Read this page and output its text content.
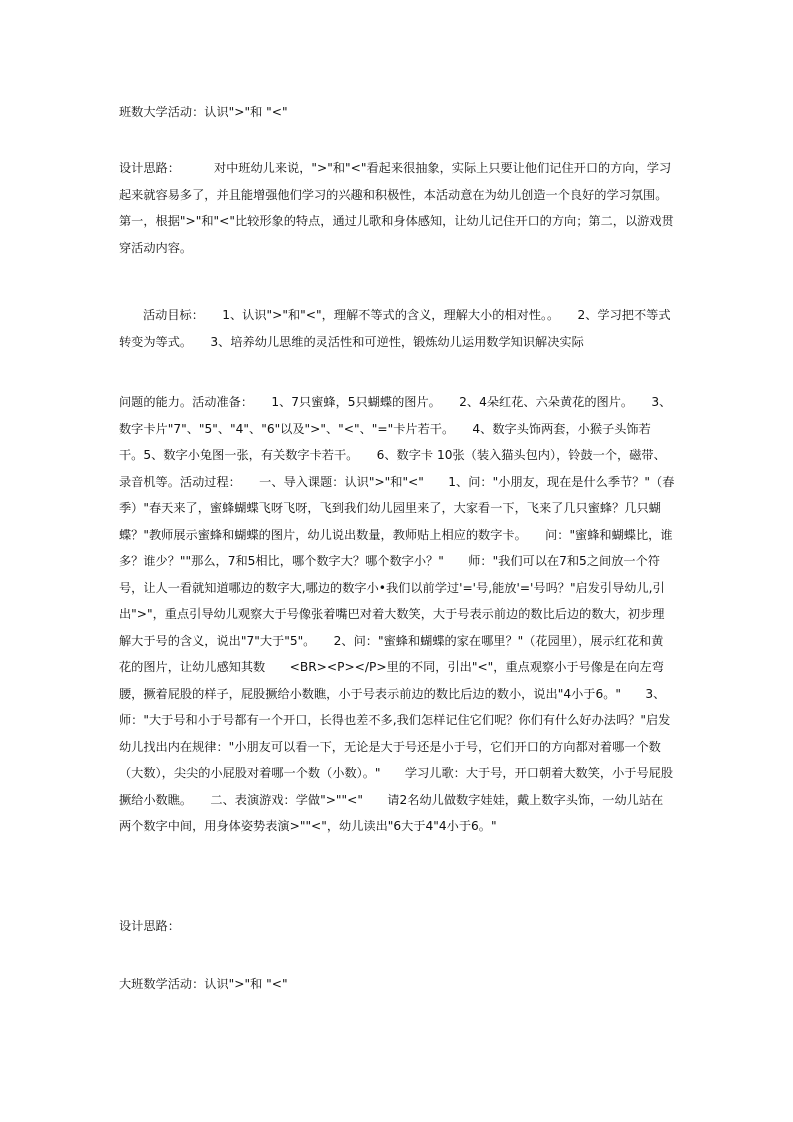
班数大学活动：认识">"和 "<"

设计思路：	对中班幼儿来说，">"和"<"看起来很抽象，实际上只要让他们记住开口的方向，学习起来就容易多了，并且能增强他们学习的兴趣和积极性，本活动意在为幼儿创造一个良好的学习氛围。第一，根据">"和"<"比较形象的特点，通过儿歌和身体感知，让幼儿记住开口的方向；第二，以游戏贯穿活动内容。

活动目标：　　1、认识">"和"<"，理解不等式的含义，理解大小的相对性。。　　2、学习把不等式转变为等式。　　3、培养幼儿思维的灵活性和可逆性，锻炼幼儿运用数学知识解决实际

问题的能力。活动准备：　　1、7只蜜蜂，5只蝴蝶的图片。　　2、4朵红花、六朵黄花的图片。　　3、数字卡片"7"、"5"、"4"、"6"以及">"、"<"、"="卡片若干。　　4、数字头饰两套，小猴子头饰若干。5、数字小兔图一张，有关数字卡若干。　　6、数字卡 10张（装入猫头包内），铃鼓一个，磁带、录音机等。活动过程：　　一、导入课题：认识">"和"<"　　1、问："小朋友，现在是什么季节？"（春季）"春天来了，蜜蜂蝴蝶飞呀飞呀，飞到我们幼儿园里来了，大家看一下，飞来了几只蜜蜂？几只蝴蝶？"教师展示蜜蜂和蝴蝶的图片，幼儿说出数量，教师贴上相应的数字卡。　　问："蜜蜂和蝴蝶比，谁多？谁少？""那么，7和5相比，哪个数字大？哪个数字小？"　　师："我们可以在7和5之间放一个符号，让人一看就知道哪边的数字大,哪边的数字小•我们以前学过'='号,能放'='号吗？"启发引导幼儿,引出">"，重点引导幼儿观察大于号像张着嘴巴对着大数笑，大于号表示前边的数比后边的数大，初步理解大于号的含义，说出"7"大于"5"。　　2、问："蜜蜂和蝴蝶的家在哪里？"（花园里），展示红花和黄花的图片，让幼儿感知其数　　<BR><P></P>里的不同，引出"<"，重点观察小于号像是在向左弯腰，撅着屁股的样子，屁股撅给小数瞧，小于号表示前边的数比后边的数小，说出"4小于6。"　　3、师："大于号和小于号都有一个开口，长得也差不多,我们怎样记住它们呢？你们有什么好办法吗？"启发幼儿找出内在规律："小朋友可以看一下，无论是大于号还是小于号，它们开口的方向都对着哪一个数（大数），尖尖的小屁股对着哪一个数（小数）。"　　学习儿歌：大于号，开口朝着大数笑，小于号屁股撅给小数瞧。　　二、表演游戏：学做">""<"　　请2名幼儿做数字娃娃，戴上数字头饰，一幼儿站在两个数字中间，用身体姿势表演>""<"，幼儿读出"6大于4"4小于6。"

设计思路：

大班数学活动：认识">"和 "<"
